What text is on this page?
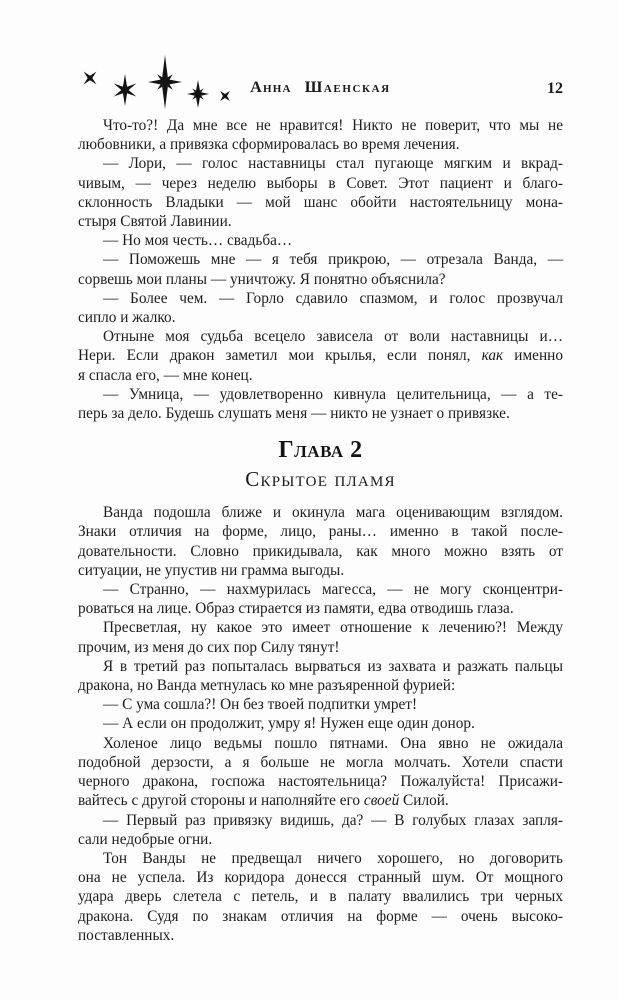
Анна Шаенская	12
Что-то?! Да мне все не нравится! Никто не поверит, что мы не
любовники, а привязка сформировалась во время лечения.
— Лори, — голос наставницы стал пугающе мягким и вкрад-
чивым, — через неделю выборы в Совет. Этот пациент и благо-
склонность Владыки — мой шанс обойти настоятельницу мона-
стыря Святой Лавинии.
— Но моя честь… свадьба…
— Поможешь мне — я тебя прикрою, — отрезала Ванда, —
сорвешь мои планы — уничтожу. Я понятно объяснила?
— Более чем. — Горло сдавило спазмом, и голос прозвучал
сипло и жалко.
Отныне моя судьба всецело зависела от воли наставницы и…
Нери. Если дракон заметил мои крылья, если понял, как именно
я спасла его, — мне конец.
— Умница, — удовлетворенно кивнула целительница, — а те-
перь за дело. Будешь слушать меня — никто не узнает о привязке.
Глава 2
Скрытое пламя
Ванда подошла ближе и окинула мага оценивающим взглядом.
Знаки отличия на форме, лицо, раны… именно в такой после-
довательности. Словно прикидывала, как много можно взять от
ситуации, не упустив ни грамма выгоды.
— Странно, — нахмурилась магесса, — не могу сконцентри-
роваться на лице. Образ стирается из памяти, едва отводишь глаза.
Пресветлая, ну какое это имеет отношение к лечению?! Между
прочим, из меня до сих пор Силу тянут!
Я в третий раз попыталась вырваться из захвата и разжать пальцы
дракона, но Ванда метнулась ко мне разъяренной фурией:
— С ума сошла?! Он без твоей подпитки умрет!
— А если он продолжит, умру я! Нужен еще один донор.
Холеное лицо ведьмы пошло пятнами. Она явно не ожидала
подобной дерзости, а я больше не могла молчать. Хотели спасти
черного дракона, госпожа настоятельница? Пожалуйста! Присажи-
вайтесь с другой стороны и наполняйте его своей Силой.
— Первый раз привязку видишь, да? — В голубых глазах запля-
сали недобрые огни.
Тон Ванды не предвещал ничего хорошего, но договорить
она не успела. Из коридора донесся странный шум. От мощного
удара дверь слетела с петель, и в палату ввалились три черных
дракона. Судя по знакам отличия на форме — очень высоко-
поставленных.
